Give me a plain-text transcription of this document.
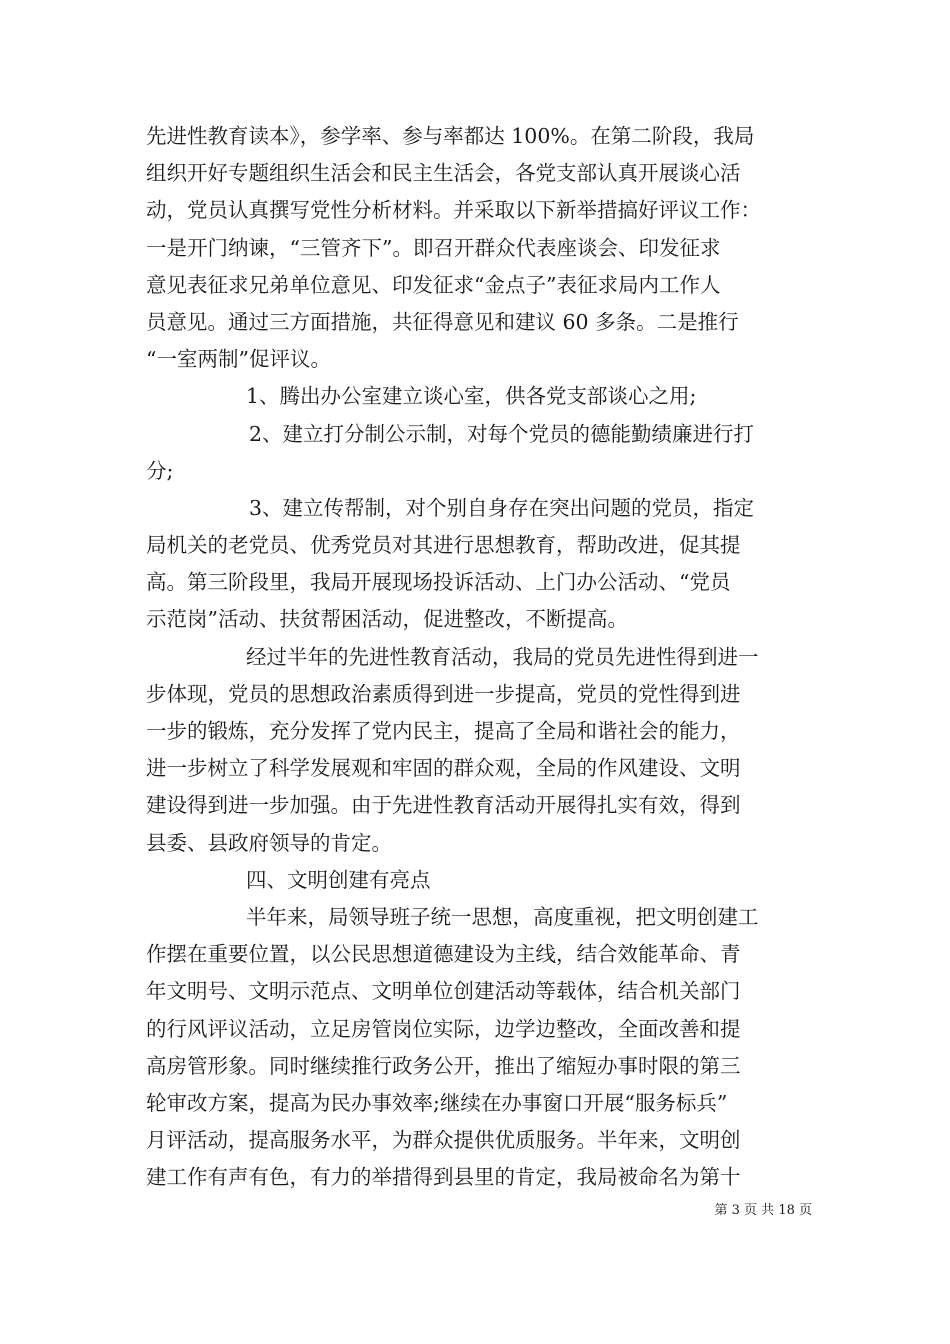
先进性教育读本》，参学率、参与率都达 100%。在第二阶段，我局
组织开好专题组织生活会和民主生活会，各党支部认真开展谈心活
动，党员认真撰写党性分析材料。并采取以下新举措搞好评议工作：
一是开门纳谏，“三管齐下”。即召开群众代表座谈会、印发征求
意见表征求兄弟单位意见、印发征求“金点子”表征求局内工作人
员意见。通过三方面措施，共征得意见和建议 60 多条。二是推行
“一室两制”促评议。
1、腾出办公室建立谈心室，供各党支部谈心之用;
2、建立打分制公示制，对每个党员的德能勤绩廉进行打
分;
3、建立传帮制，对个别自身存在突出问题的党员，指定
局机关的老党员、优秀党员对其进行思想教育，帮助改进，促其提
高。第三阶段里，我局开展现场投诉活动、上门办公活动、“党员
示范岗”活动、扶贫帮困活动，促进整改，不断提高。
经过半年的先进性教育活动，我局的党员先进性得到进一
步体现，党员的思想政治素质得到进一步提高，党员的党性得到进
一步的锻炼，充分发挥了党内民主，提高了全局和谐社会的能力，
进一步树立了科学发展观和牢固的群众观，全局的作风建设、文明
建设得到进一步加强。由于先进性教育活动开展得扎实有效，得到
县委、县政府领导的肯定。
四、文明创建有亮点
半年来，局领导班子统一思想，高度重视，把文明创建工
作摆在重要位置，以公民思想道德建设为主线，结合效能革命、青
年文明号、文明示范点、文明单位创建活动等载体，结合机关部门
的行风评议活动，立足房管岗位实际，边学边整改，全面改善和提
高房管形象。同时继续推行政务公开，推出了缩短办事时限的第三
轮审改方案，提高为民办事效率;继续在办事窗口开展“服务标兵”
月评活动，提高服务水平，为群众提供优质服务。半年来，文明创
建工作有声有色，有力的举措得到县里的肯定，我局被命名为第十
第 3 页 共 18 页
